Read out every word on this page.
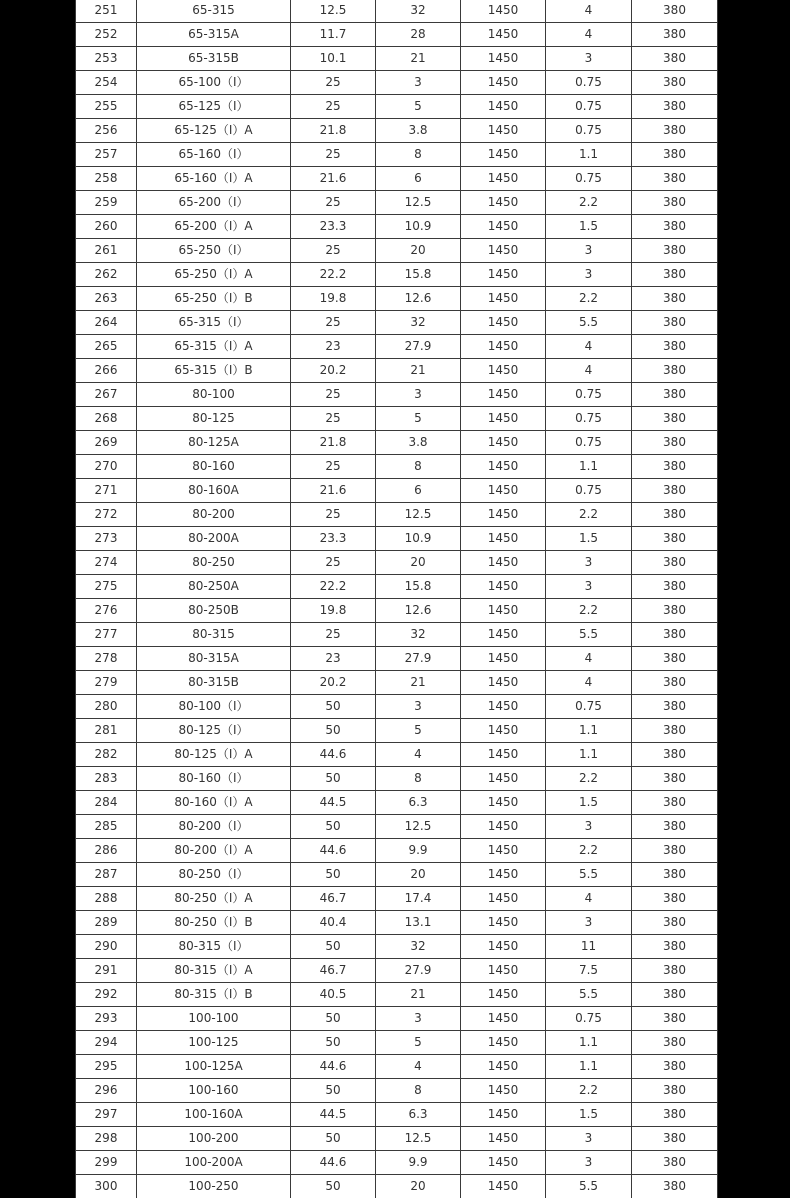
251	65-315	12.5	32	1450	4	380
252	65-315A	11.7	28	1450	4	380
253	65-315B	10.1	21	1450	3	380
254	65-100（I）	25	3	1450	0.75	380
255	65-125（I）	25	5	1450	0.75	380
256	65-125（I）A	21.8	3.8	1450	0.75	380
257	65-160（I）	25	8	1450	1.1	380
258	65-160（I）A	21.6	6	1450	0.75	380
259	65-200（I）	25	12.5	1450	2.2	380
260	65-200（I）A	23.3	10.9	1450	1.5	380
261	65-250（I）	25	20	1450	3	380
262	65-250（I）A	22.2	15.8	1450	3	380
263	65-250（I）B	19.8	12.6	1450	2.2	380
264	65-315（I）	25	32	1450	5.5	380
265	65-315（I）A	23	27.9	1450	4	380
266	65-315（I）B	20.2	21	1450	4	380
267	80-100	25	3	1450	0.75	380
268	80-125	25	5	1450	0.75	380
269	80-125A	21.8	3.8	1450	0.75	380
270	80-160	25	8	1450	1.1	380
271	80-160A	21.6	6	1450	0.75	380
272	80-200	25	12.5	1450	2.2	380
273	80-200A	23.3	10.9	1450	1.5	380
274	80-250	25	20	1450	3	380
275	80-250A	22.2	15.8	1450	3	380
276	80-250B	19.8	12.6	1450	2.2	380
277	80-315	25	32	1450	5.5	380
278	80-315A	23	27.9	1450	4	380
279	80-315B	20.2	21	1450	4	380
280	80-100（I）	50	3	1450	0.75	380
281	80-125（I）	50	5	1450	1.1	380
282	80-125（I）A	44.6	4	1450	1.1	380
283	80-160（I）	50	8	1450	2.2	380
284	80-160（I）A	44.5	6.3	1450	1.5	380
285	80-200（I）	50	12.5	1450	3	380
286	80-200（I）A	44.6	9.9	1450	2.2	380
287	80-250（I）	50	20	1450	5.5	380
288	80-250（I）A	46.7	17.4	1450	4	380
289	80-250（I）B	40.4	13.1	1450	3	380
290	80-315（I）	50	32	1450	11	380
291	80-315（I）A	46.7	27.9	1450	7.5	380
292	80-315（I）B	40.5	21	1450	5.5	380
293	100-100	50	3	1450	0.75	380
294	100-125	50	5	1450	1.1	380
295	100-125A	44.6	4	1450	1.1	380
296	100-160	50	8	1450	2.2	380
297	100-160A	44.5	6.3	1450	1.5	380
298	100-200	50	12.5	1450	3	380
299	100-200A	44.6	9.9	1450	3	380
300	100-250	50	20	1450	5.5	380
